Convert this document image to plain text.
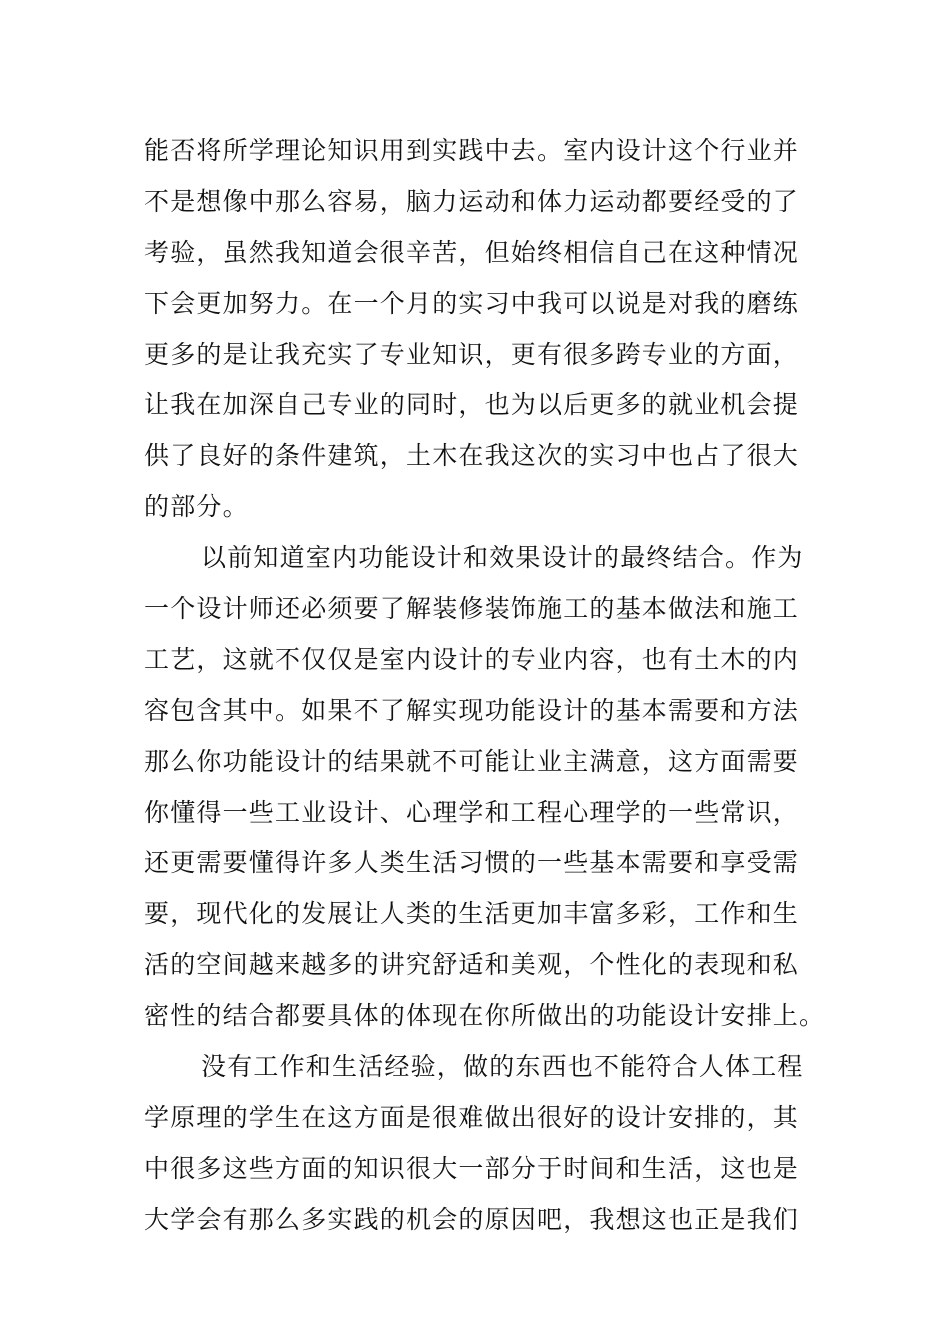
能否将所学理论知识用到实践中去。室内设计这个行业并
不是想像中那么容易，脑力运动和体力运动都要经受的了
考验，虽然我知道会很辛苦，但始终相信自己在这种情况
下会更加努力。在一个月的实习中我可以说是对我的磨练
更多的是让我充实了专业知识，更有很多跨专业的方面，
让我在加深自己专业的同时，也为以后更多的就业机会提
供了良好的条件建筑，土木在我这次的实习中也占了很大
的部分。
以前知道室内功能设计和效果设计的最终结合。作为
一个设计师还必须要了解装修装饰施工的基本做法和施工
工艺，这就不仅仅是室内设计的专业内容，也有土木的内
容包含其中。如果不了解实现功能设计的基本需要和方法
那么你功能设计的结果就不可能让业主满意，这方面需要
你懂得一些工业设计、心理学和工程心理学的一些常识，
还更需要懂得许多人类生活习惯的一些基本需要和享受需
要，现代化的发展让人类的生活更加丰富多彩，工作和生
活的空间越来越多的讲究舒适和美观，个性化的表现和私
密性的结合都要具体的体现在你所做出的功能设计安排上。
没有工作和生活经验，做的东西也不能符合人体工程
学原理的学生在这方面是很难做出很好的设计安排的，其
中很多这些方面的知识很大一部分于时间和生活，这也是
大学会有那么多实践的机会的原因吧，我想这也正是我们
